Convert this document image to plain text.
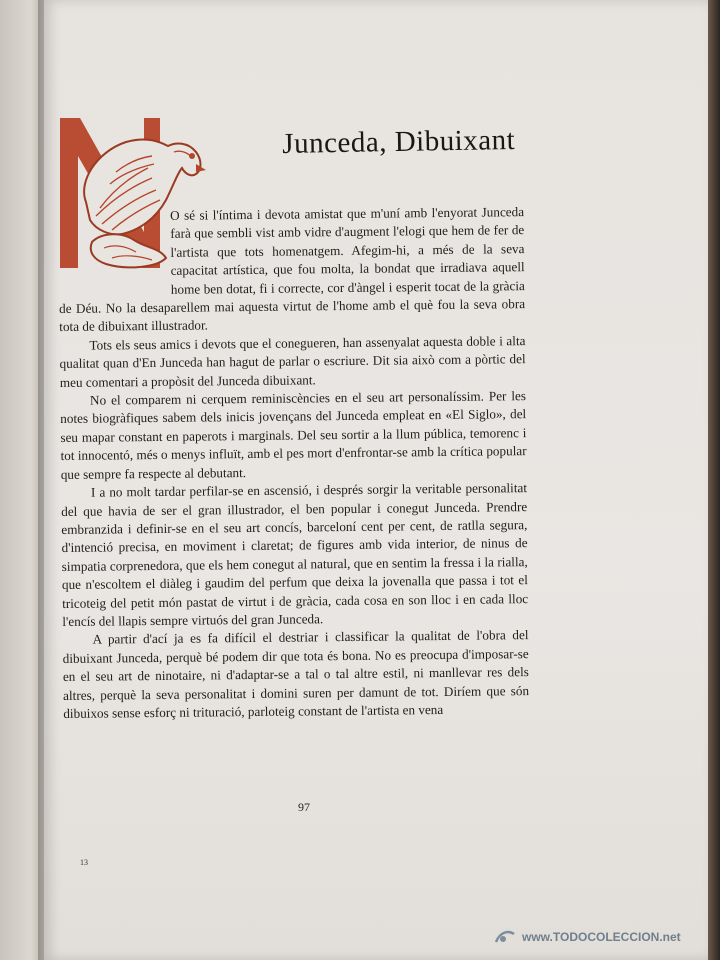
Junceda, Dibuixant

O sé si l'íntima i devota amistat que m'uní amb l'enyorat Junceda farà que sembli vist amb vidre d'augment l'elogi que hem de fer de l'artista que tots homenatgem. Afegim-hi, a més de la seva capacitat artística, que fou molta, la bondat que irradiava aquell home ben dotat, fi i correcte, cor d'àngel i esperit tocat de la gràcia de Déu. No la desaparellem mai aquesta virtut de l'home amb el què fou la seva obra tota de dibuixant illustrador.

Tots els seus amics i devots que el conegueren, han assenyalat aquesta doble i alta qualitat quan d'En Junceda han hagut de parlar o escriure. Dit sia això com a pòrtic del meu comentari a propòsit del Junceda dibuixant.

No el comparem ni cerquem reminiscències en el seu art personalíssim. Per les notes biogràfiques sabem dels inicis jovençans del Junceda empleat en «El Siglo», del seu mapar constant en paperots i marginals. Del seu sortir a la llum pública, temorenc i tot innocentó, més o menys influït, amb el pes mort d'enfrontar-se amb la crítica popular que sempre fa respecte al debutant.

I a no molt tardar perfilar-se en ascensió, i després sorgir la veritable personalitat del que havia de ser el gran illustrador, el ben popular i conegut Junceda. Prendre embranzida i definir-se en el seu art concís, barceloní cent per cent, de ratlla segura, d'intenció precisa, en moviment i claretat; de figures amb vida interior, de ninus de simpatia corprenedora, que els hem conegut al natural, que en sentim la fressa i la rialla, que n'escoltem el diàleg i gaudim del perfum que deixa la jovenalla que passa i tot el tricoteig del petit món pastat de virtut i de gràcia, cada cosa en son lloc i en cada lloc l'encís del llapis sempre virtuós del gran Junceda.

A partir d'ací ja es fa difícil el destriar i classificar la qualitat de l'obra del dibuixant Junceda, perquè bé podem dir que tota és bona. No es preocupa d'imposar-se en el seu art de ninotaire, ni d'adaptar-se a tal o tal altre estil, ni manllevar res dels altres, perquè la seva personalitat i domini suren per damunt de tot. Diríem que són dibuixos sense esforç ni trituració, parloteig constant de l'artista en vena

97
13
www.TODOCOLECCION.net
